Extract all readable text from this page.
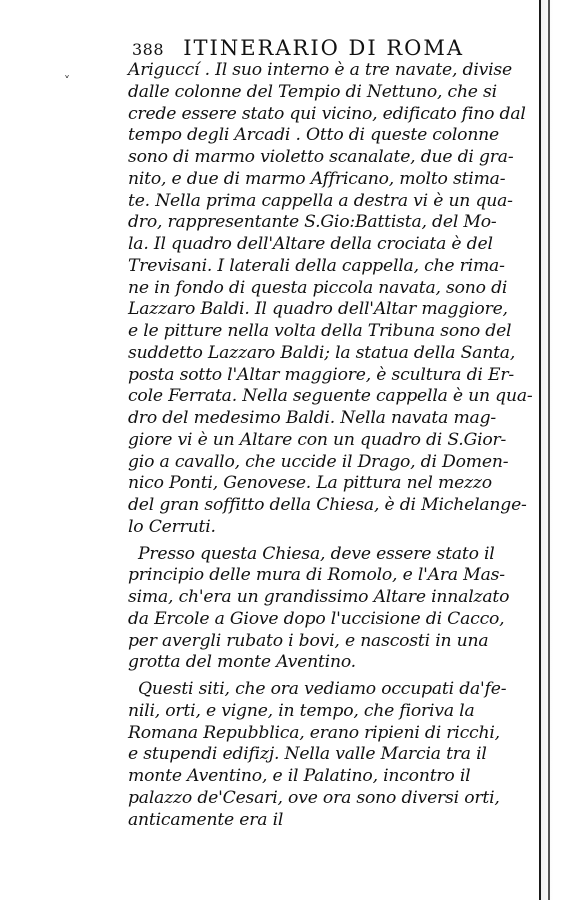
388 ITINERARIO DI ROMA
˅
Ariguccí . Il suo interno è a tre navate, divise
dalle colonne del Tempio di Nettuno, che si
crede essere stato qui vicino, edificato fino dal
tempo degli Arcadi . Otto di queste colonne
sono di marmo violetto scanalate, due di gra-
nito, e due di marmo Affricano, molto stima-
te. Nella prima cappella a destra vi è un qua-
dro, rappresentante S.Gio:Battista, del Mo-
la. Il quadro dell'Altare della crociata è del
Trevisani. I laterali della cappella, che rima-
ne in fondo di questa piccola navata, sono di
Lazzaro Baldi. Il quadro dell'Altar maggiore,
e le pitture nella volta della Tribuna sono del
suddetto Lazzaro Baldi; la statua della Santa,
posta sotto l'Altar maggiore, è scultura di Er-
cole Ferrata. Nella seguente cappella è un qua-
dro del medesimo Baldi. Nella navata mag-
giore vi è un Altare con un quadro di S.Gior-
gio a cavallo, che uccide il Drago, di Domen-
nico Ponti, Genovese. La pittura nel mezzo
del gran soffitto della Chiesa, è di Michelange-
lo Cerruti.
Presso questa Chiesa, deve essere stato il
principio delle mura di Romolo, e l'Ara Mas-
sima, ch'era un grandissimo Altare innalzato
da Ercole a Giove dopo l'uccisione di Cacco,
per avergli rubato i bovi, e nascosti in una
grotta del monte Aventino.
Questi siti, che ora vediamo occupati da'fe-
nili, orti, e vigne, in tempo, che fioriva la
Romana Repubblica, erano ripieni di ricchi,
e stupendi edifizj. Nella valle Marcia tra il
monte Aventino, e il Palatino, incontro il
palazzo de'Cesari, ove ora sono diversi orti,
anticamente era il
